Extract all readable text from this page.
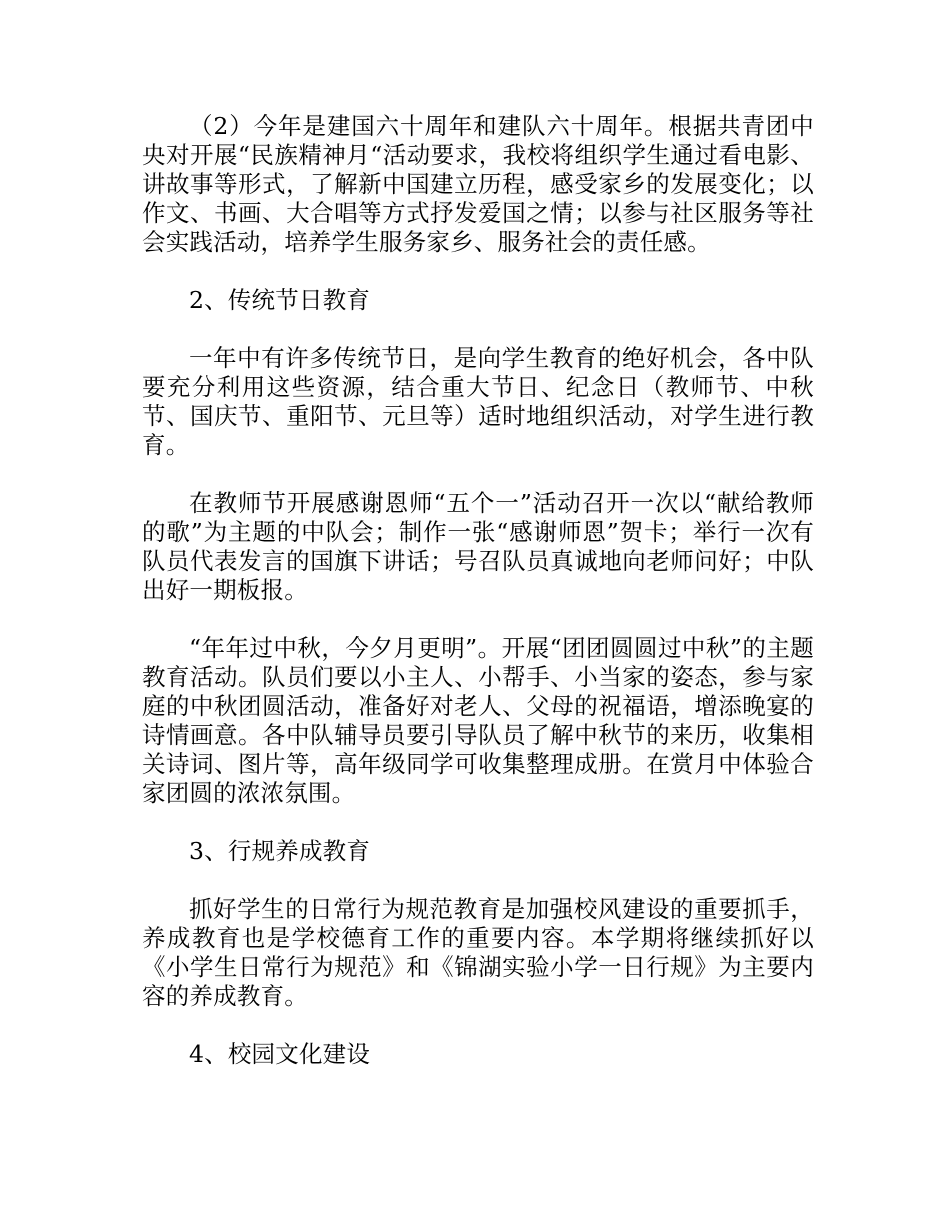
（2）今年是建国六十周年和建队六十周年。根据共青团中央对开展“民族精神月“活动要求，我校将组织学生通过看电影、讲故事等形式，了解新中国建立历程，感受家乡的发展变化；以作文、书画、大合唱等方式抒发爱国之情；以参与社区服务等社会实践活动，培养学生服务家乡、服务社会的责任感。

2、传统节日教育

一年中有许多传统节日，是向学生教育的绝好机会，各中队要充分利用这些资源，结合重大节日、纪念日（教师节、中秋节、国庆节、重阳节、元旦等）适时地组织活动，对学生进行教育。

在教师节开展感谢恩师“五个一”活动召开一次以“献给教师的歌”为主题的中队会；制作一张“感谢师恩”贺卡；举行一次有队员代表发言的国旗下讲话；号召队员真诚地向老师问好；中队出好一期板报。

“年年过中秋，今夕月更明”。开展“团团圆圆过中秋”的主题教育活动。队员们要以小主人、小帮手、小当家的姿态，参与家庭的中秋团圆活动，准备好对老人、父母的祝福语，增添晚宴的诗情画意。各中队辅导员要引导队员了解中秋节的来历，收集相关诗词、图片等，高年级同学可收集整理成册。在赏月中体验合家团圆的浓浓氛围。

3、行规养成教育

抓好学生的日常行为规范教育是加强校风建设的重要抓手，养成教育也是学校德育工作的重要内容。本学期将继续抓好以《小学生日常行为规范》和《锦湖实验小学一日行规》为主要内容的养成教育。

4、校园文化建设
